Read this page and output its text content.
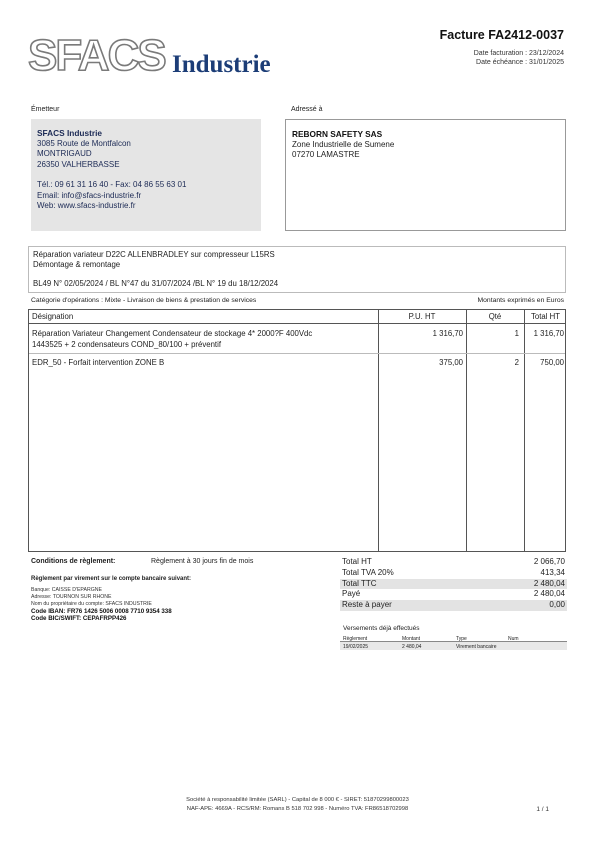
SFACS Industrie
Facture FA2412-0037
Date facturation : 23/12/2024
Date échéance : 31/01/2025
Émetteur	Adressé à
SFACS Industrie
3085 Route de Montfalcon
MONTRIGAUD
26350 VALHERBASSE
Tél.: 09 61 31 16 40 - Fax: 04 86 55 63 01
Email: info@sfacs-industrie.fr
Web: www.sfacs-industrie.fr
REBORN SAFETY SAS
Zone Industrielle de Sumene
07270 LAMASTRE
Réparation variateur D22C ALLENBRADLEY sur compresseur L15RS
Démontage & remontage
BL49 N° 02/05/2024 / BL N°47 du 31/07/2024 /BL N° 19 du 18/12/2024
Catégorie d'opérations : Mixte - Livraison de biens & prestation de services	Montants exprimés en Euros
Désignation	P.U. HT	Qté	Total HT
Réparation Variateur Changement Condensateur de stockage 4* 2000?F 400Vdc
1443525 + 2 condensateurs COND_80/100 + préventif
1 316,70	1	1 316,70
EDR_50 - Forfait intervention ZONE B	375,00	2	750,00
Conditions de règlement:	Règlement à 30 jours fin de mois
Règlement par virement sur le compte bancaire suivant:
Banque: CAISSE D'EPARGNE
Adresse: TOURNON SUR RHONE
Nom du propriétaire du compte: SFACS INDUSTRIE
Code IBAN: FR76 1426 5006 0008 7710 9354 338
Code BIC/SWIFT: CEPAFRPP426
Total HT	2 066,70
Total TVA 20%	413,34
Total TTC	2 480,04
Payé	2 480,04
Reste à payer	0,00
Versements déjà effectués
Règlement	Montant	Type	Num
19/02/2025	2 480,04	Virement bancaire
Société à responsabilité limitée (SARL) - Capital de 8 000 € - SIRET: 51870299800023
NAF-APE: 4669A - RCS/RM: Romans B 518 702 998 - Numéro TVA: FR86518702998	1 / 1
